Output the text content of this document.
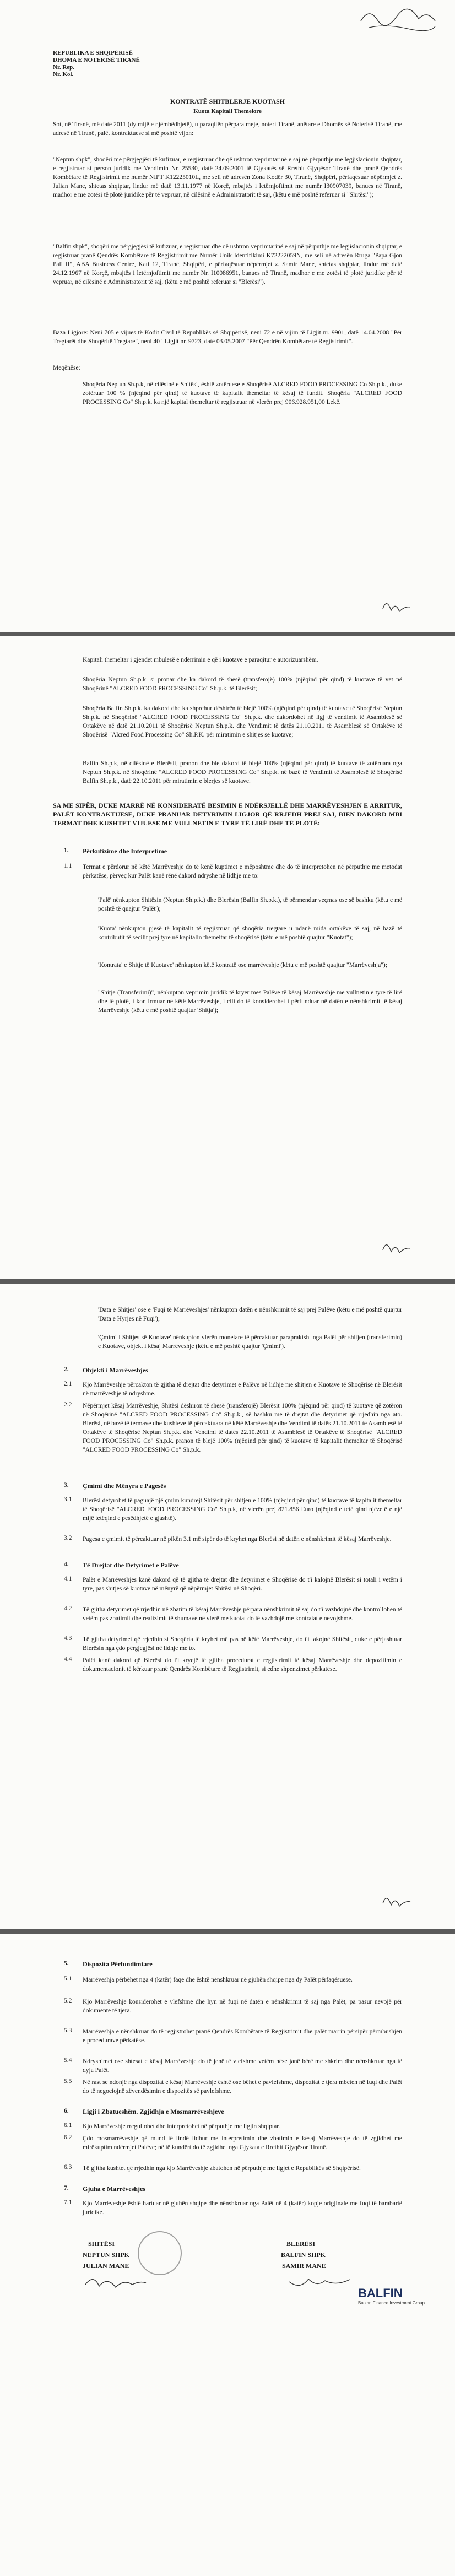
REPUBLIKA E SHQIPËRISË
DHOMA E NOTERISË TIRANË
Nr. Rep.
Nr. Kol.
KONTRATË SHITBLERJE KUOTASH
Kuota Kapitali Themelore
Sot, në Tiranë, më datë 2011 (dy mijë e njëmbëdhjetë), u paraqitën përpara meje, noteri Tiranë, anëtare e Dhomës së Noterisë Tiranë, me adresë në Tiranë, palët kontraktuese si më poshtë vijon:
"Neptun shpk", shoqëri me përgjegjësi të kufizuar, e regjistruar dhe që ushtron veprimtarinë e saj në përputhje me legjislacionin shqiptar, e regjistruar si person juridik me Vendimin Nr. 25530, datë 24.09.2001 të Gjykatës së Rrethit Gjyqësor Tiranë dhe pranë Qendrës Kombëtare të Regjistrimit me numër NIPT K12225010L, me seli në adresën Zona Kodër 30, Tiranë, Shqipëri, përfaqësuar nëpërmjet z. Julian Mane, shtetas shqiptar, lindur më datë 13.11.1977 në Korçë, mbajtës i letërnjoftimit me numër I30907039, banues në Tiranë, madhor e me zotësi të plotë juridike për të vepruar, në cilësinë e Administratorit të saj, (këtu e më poshtë referuar si "Shitësi");
"Balfin shpk", shoqëri me përgjegjësi të kufizuar, e regjistruar dhe që ushtron veprimtarinë e saj në përputhje me legjislacionin shqiptar, e regjistruar pranë Qendrës Kombëtare të Regjistrimit me Numër Unik Identifikimi K72222059N, me seli në adresën Rruga "Papa Gjon Pali II", ABA Business Centre, Kati 12, Tiranë, Shqipëri, e përfaqësuar nëpërmjet z. Samir Mane, shtetas shqiptar, lindur më datë 24.12.1967 në Korçë, mbajtës i letërnjoftimit me numër Nr. I10086951, banues në Tiranë, madhor e me zotësi të plotë juridike për të vepruar, në cilësinë e Administratorit të saj, (këtu e më poshtë referuar si "Blerësi").
Baza Ligjore: Neni 705 e vijues të Kodit Civil të Republikës së Shqipërisë, neni 72 e në vijim të Ligjit nr. 9901, datë 14.04.2008 "Për Tregtarët dhe Shoqëritë Tregtare", neni 40 i Ligjit nr. 9723, datë 03.05.2007 "Për Qendrën Kombëtare të Regjistrimit".
Meqënëse:
Shoqëria Neptun Sh.p.k, në cilësinë e Shitësi, është zotëruese e Shoqërisë ALCRED FOOD PROCESSING Co Sh.p.k., duke zotëruar 100 % (njëqind për qind) të kuotave të kapitalit themeltar të kësaj të fundit. Shoqëria "ALCRED FOOD PROCESSING Co" Sh.p.k. ka një kapital themeltar të regjistruar në vlerën prej 906.928.951,00 Lekë.
Kapitali themeltar i gjendet mbulesë e ndërrimin e që i kuotave e paraqitur e autorizuarshëm.
Shoqëria Neptun Sh.p.k. si pronar dhe ka dakord të shesë (transferojë) 100% (njëqind për qind) të kuotave të vet në Shoqërinë "ALCRED FOOD PROCESSING Co" Sh.p.k. të Blerësit;
Shoqëria Balfin Sh.p.k. ka dakord dhe ka shprehur dëshirën të blejë 100% (njëqind për qind) të kuotave të Shoqërisë Neptun Sh.p.k. në Shoqërinë "ALCRED FOOD PROCESSING Co" Sh.p.k. dhe dakordohet në ligj të vendimit të Asamblesë së Ortakëve në datë 21.10.2011 të Shoqërisë Neptun Sh.p.k. dhe Vendimit të datës 21.10.2011 të Asamblesë së Ortakëve të Shoqërisë "Alcred Food Processing Co" Sh.P.K. për miratimin e shitjes së kuotave;
Balfin Sh.p.k, në cilësinë e Blerësit, pranon dhe bie dakord të blejë 100% (njëqind për qind) të kuotave të zotëruara nga Neptun Sh.p.k. në Shoqërinë "ALCRED FOOD PROCESSING Co" Sh.p.k. në bazë të Vendimit të Asamblesë të Shoqërisë Balfin Sh.p.k., datë 22.10.2011 për miratimin e blerjes së kuotave.
SA ME SIPËR, DUKE MARRË NË KONSIDERATË BESIMIN E NDËRSJELLË DHE MARRËVESHJEN E ARRITUR, PALËT KONTRAKTUESE, DUKE PRANUAR DETYRIMIN LIGJOR QË RRJEDH PREJ SAJ, BIEN DAKORD MBI TERMAT DHE KUSHTET VIJUESE ME VULLNETIN E TYRE TË LIRË DHE TË PLOTË:
1. Përkufizime dhe Interpretime
1.1 Termat e përdorur në këtë Marrëveshje do të kenë kuptimet e mëposhtme dhe do të interpretohen në përputhje me metodat përkatëse, përveç kur Palët kanë rënë dakord ndryshe në lidhje me to:
'Palë' nënkupton Shitësin (Neptun Sh.p.k.) dhe Blerësin (Balfin Sh.p.k.), të përmendur veçmas ose së bashku (këtu e më poshtë të quajtur 'Palët');
'Kuota' nënkupton pjesë të kapitalit të regjistruar që shoqëria tregtare u ndanë mida ortakëve të saj, në bazë të kontributit të secilit prej tyre në kapitalin themeltar të shoqërisë (këtu e më poshtë quajtur "Kuotat");
'Kontrata' e Shitje të Kuotave' nënkupton këtë kontratë ose marrëveshje (këtu e më poshtë quajtur "Marrëveshja");
"Shitje (Transferimi)", nënkupton veprimin juridik të kryer mes Palëve të kësaj Marrëveshje me vullnetin e tyre të lirë dhe të plotë, i konfirmuar në këtë Marrëveshje, i cili do të konsiderohet i përfunduar në datën e nënshkrimit të kësaj Marrëveshje (këtu e më poshtë quajtur 'Shitja');
'Data e Shitjes' ose e 'Fuqi të Marrëveshjes' nënkupton datën e nënshkrimit të saj prej Palëve (këtu e më poshtë quajtur 'Data e Hyrjes në Fuqi');
'Çmimi i Shitjes së Kuotave' nënkupton vlerën monetare të përcaktuar paraprakisht nga Palët për shitjen (transferimin) e Kuotave, objekt i kësaj Marrëveshje (këtu e më poshtë quajtur 'Çmimi').
2. Objekti i Marrëveshjes
2.1 Kjo Marrëveshje përcakton të gjitha të drejtat dhe detyrimet e Palëve në lidhje me shitjen e Kuotave të Shoqërisë në Blerësit në marrëveshje të ndryshme.
2.2 Nëpërmjet kësaj Marrëveshje, Shitësi dëshiron të shesë (transferojë) Blerësit 100% (njëqind për qind) të kuotave që zotëron në Shoqërinë "ALCRED FOOD PROCESSING Co" Sh.p.k., së bashku me të drejtat dhe detyrimet që rrjedhin nga ato. Blerësi, në bazë të termave dhe kushteve të përcaktuara në këtë Marrëveshje dhe Vendimi të datës 21.10.2011 të Asamblesë të Ortakëve të Shoqërisë Neptun Sh.p.k. dhe Vendimi të datës 22.10.2011 të Asamblesë të Ortakëve të Shoqërisë "ALCRED FOOD PROCESSING Co" Sh.p.k. pranon të blejë 100% (njëqind për qind) të kuotave të kapitalit themeltar të Shoqërisë "ALCRED FOOD PROCESSING Co" Sh.p.k.
3. Çmimi dhe Mënyra e Pagesës
3.1 Blerësi detyrohet të paguajë një çmim kundrejt Shitësit për shitjen e 100% (njëqind për qind) të kuotave të kapitalit themeltar të Shoqërisë "ALCRED FOOD PROCESSING Co" Sh.p.k, në vlerën prej 821.856 Euro (njëqind e tetë qind njëzetë e një mijë tetëqind e pesëdhjetë e gjashtë).
3.2 Pagesa e çmimit të përcaktuar në pikën 3.1 më sipër do të kryhet nga Blerësi në datën e nënshkrimit të kësaj Marrëveshje.
4. Të Drejtat dhe Detyrimet e Palëve
4.1 Palët e Marrëveshjes kanë dakord që të gjitha të drejtat dhe detyrimet e Shoqërisë do t'i kalojnë Blerësit si totali i vetëm i tyre, pas shitjes së kuotave në mënyrë që nëpërmjet Shitësi në Shoqëri.
4.2 Të gjitha detyrimet që rrjedhin në zbatim të kësaj Marrëveshje përpara nënshkrimit të saj do t'i vazhdojnë dhe kontrollohen të vetëm pas zbatimit dhe realizimit të shumave në vlerë me kuotat do të vazhdojë me kontratat e nevojshme.
4.3 Të gjitha detyrimet që rrjedhin si Shoqëria të kryhet më pas në këtë Marrëveshje, do t'i takojnë Shitësit, duke e përjashtuar Blerësin nga çdo përgjegjësi në lidhje me to.
4.4 Palët kanë dakord që Blerësi do t'i kryejë të gjitha procedurat e regjistrimit të kësaj Marrëveshje dhe depozitimin e dokumentacionit të kërkuar pranë Qendrës Kombëtare të Regjistrimit, si edhe shpenzimet përkatëse.
5. Dispozita Përfundimtare
5.1 Marrëveshja përbëhet nga 4 (katër) faqe dhe është nënshkruar në gjuhën shqipe nga dy Palët përfaqësuese.
5.2 Kjo Marrëveshje konsiderohet e vlefshme dhe hyn në fuqi në datën e nënshkrimit të saj nga Palët, pa pasur nevojë për dokumente të tjera.
5.3 Marrëveshja e nënshkruar do të regjistrohet pranë Qendrës Kombëtare të Regjistrimit dhe palët marrin përsipër përmbushjen e procedurave përkatëse.
5.4 Ndryshimet ose shtesat e kësaj Marrëveshje do të jenë të vlefshme vetëm nëse janë bërë me shkrim dhe nënshkruar nga të dyja Palët.
5.5 Në rast se ndonjë nga dispozitat e kësaj Marrëveshje është ose bëhet e pavlefshme, dispozitat e tjera mbeten në fuqi dhe Palët do të negociojnë zëvendësimin e dispozitës së pavlefshme.
6. Ligji i Zbatueshëm. Zgjidhja e Mosmarrëveshjeve
6.1 Kjo Marrëveshje rregullohet dhe interpretohet në përputhje me ligjin shqiptar.
6.2 Çdo mosmarrëveshje që mund të lindë lidhur me interpretimin dhe zbatimin e kësaj Marrëveshje do të zgjidhet me mirëkuptim ndërmjet Palëve; në të kundërt do të zgjidhet nga Gjykata e Rrethit Gjyqësor Tiranë.
6.3 Të gjitha kushtet që rrjedhin nga kjo Marrëveshje zbatohen në përputhje me ligjet e Republikës së Shqipërisë.
7. Gjuha e Marrëveshjes
7.1 Kjo Marrëveshje është hartuar në gjuhën shqipe dhe nënshkruar nga Palët në 4 (katër) kopje origjinale me fuqi të barabartë juridike.
SHITËSI
NEPTUN SHPK
JULIAN MANE
BLERËSI
BALFIN SHPK
SAMIR MANE
BALFIN
Balkan Finance Investment Group
